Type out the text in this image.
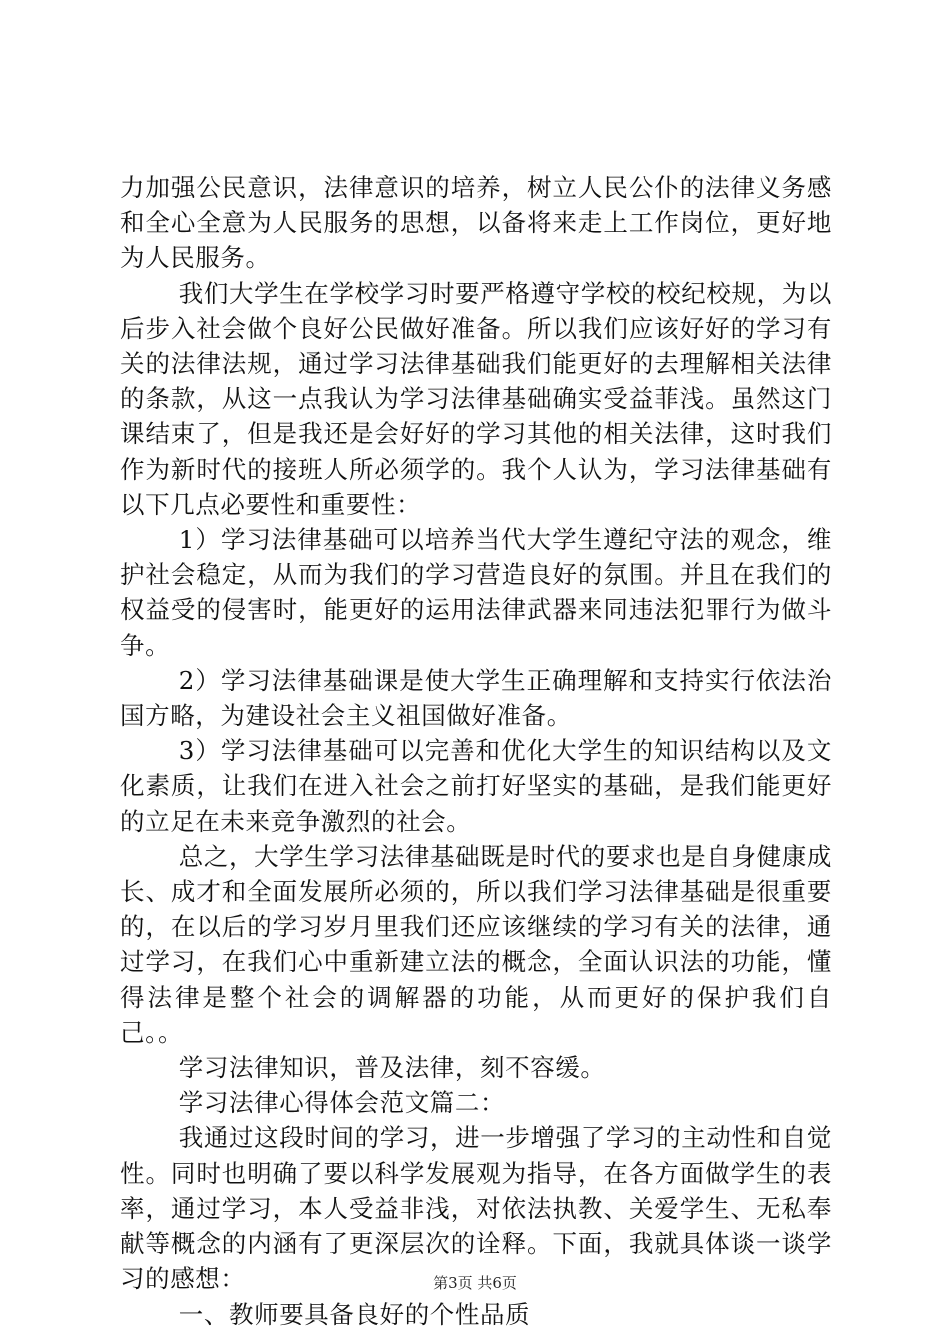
力加强公民意识，法律意识的培养，树立人民公仆的法律义务感和全心全意为人民服务的思想，以备将来走上工作岗位，更好地为人民服务。

我们大学生在学校学习时要严格遵守学校的校纪校规，为以后步入社会做个良好公民做好准备。所以我们应该好好的学习有关的法律法规，通过学习法律基础我们能更好的去理解相关法律的条款，从这一点我认为学习法律基础确实受益菲浅。虽然这门课结束了，但是我还是会好好的学习其他的相关法律，这时我们作为新时代的接班人所必须学的。我个人认为，学习法律基础有以下几点必要性和重要性：

1）学习法律基础可以培养当代大学生遵纪守法的观念，维护社会稳定，从而为我们的学习营造良好的氛围。并且在我们的权益受的侵害时，能更好的运用法律武器来同违法犯罪行为做斗争。

2）学习法律基础课是使大学生正确理解和支持实行依法治国方略，为建设社会主义祖国做好准备。

3）学习法律基础可以完善和优化大学生的知识结构以及文化素质，让我们在进入社会之前打好坚实的基础，是我们能更好的立足在未来竞争激烈的社会。

总之，大学生学习法律基础既是时代的要求也是自身健康成长、成才和全面发展所必须的，所以我们学习法律基础是很重要的，在以后的学习岁月里我们还应该继续的学习有关的法律，通过学习，在我们心中重新建立法的概念，全面认识法的功能，懂得法律是整个社会的调解器的功能，从而更好的保护我们自己。。

学习法律知识，普及法律，刻不容缓。

学习法律心得体会范文篇二：

我通过这段时间的学习，进一步增强了学习的主动性和自觉性。同时也明确了要以科学发展观为指导，在各方面做学生的表率，通过学习，本人受益非浅，对依法执教、关爱学生、无私奉献等概念的内涵有了更深层次的诠释。下面，我就具体谈一谈学习的感想：

一、教师要具备良好的个性品质

第3页 共6页
